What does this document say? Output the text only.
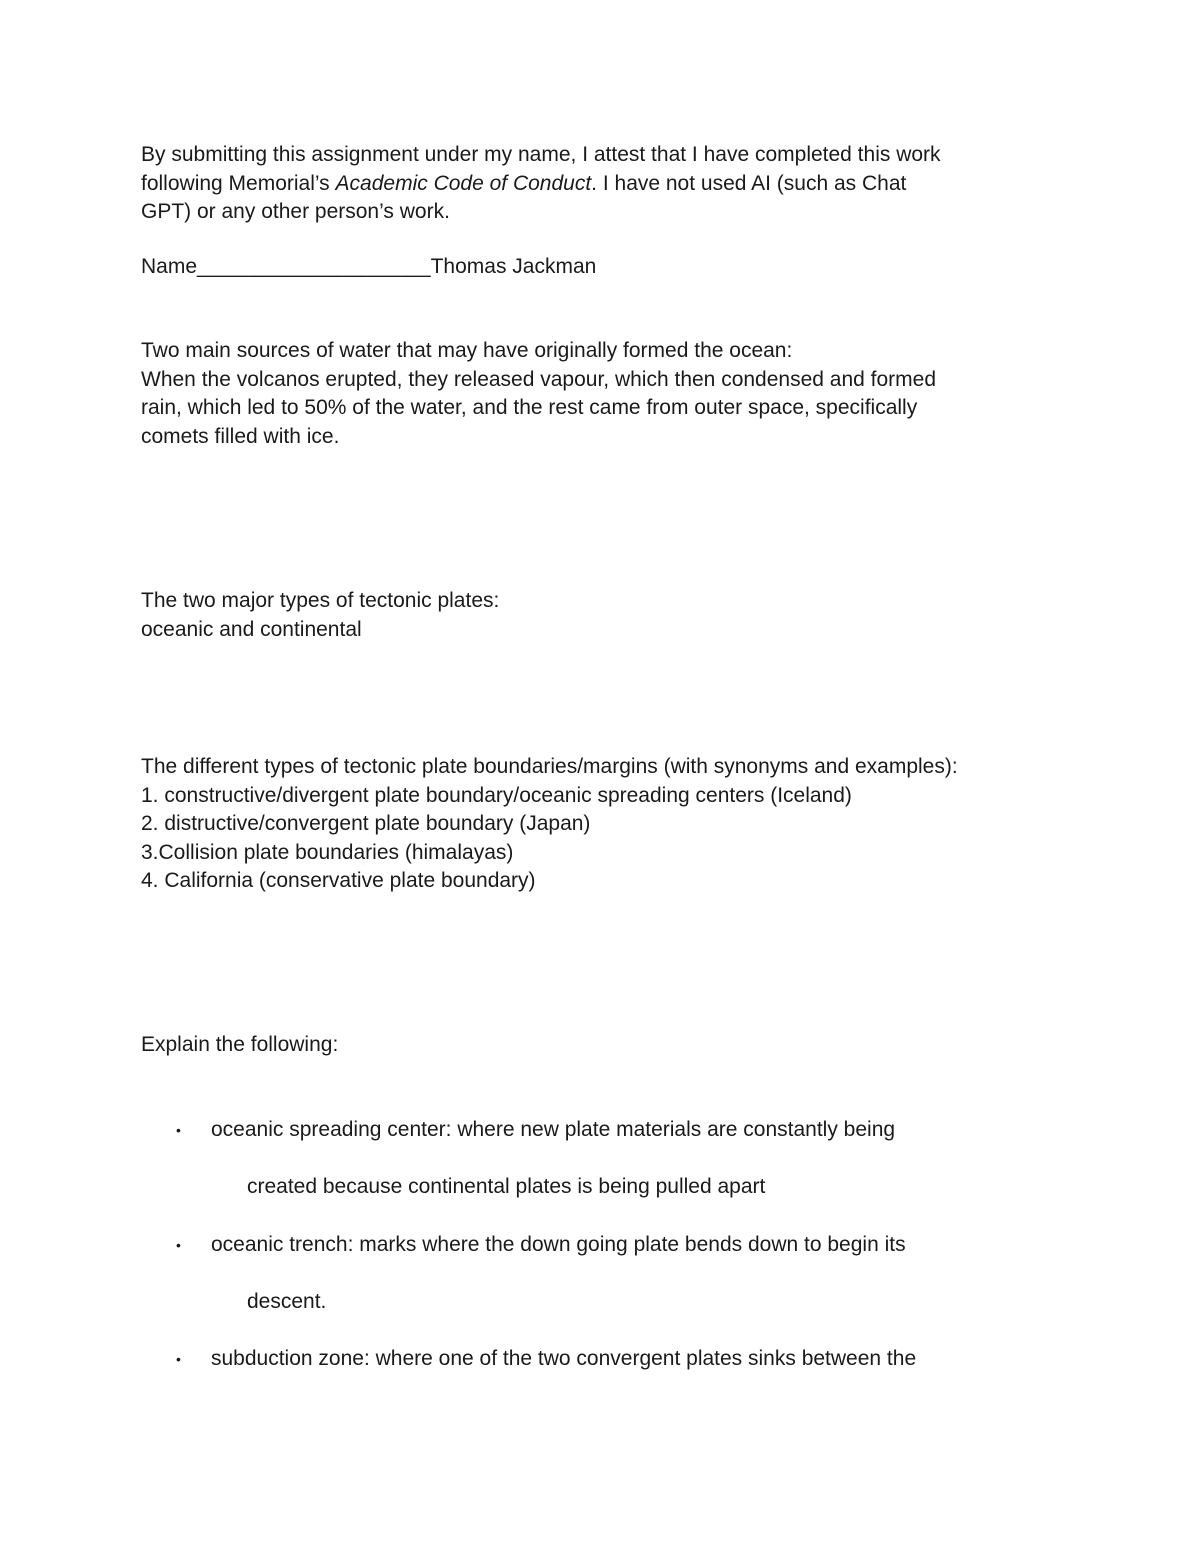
By submitting this assignment under my name, I attest that I have completed this work
following Memorial’s Academic Code of Conduct. I have not used AI (such as Chat
GPT) or any other person’s work.
Name____________________Thomas Jackman
Two main sources of water that may have originally formed the ocean:
When the volcanos erupted, they released vapour, which then condensed and formed
rain, which led to 50% of the water, and the rest came from outer space, specifically
comets filled with ice.
The two major types of tectonic plates:
oceanic and continental
The different types of tectonic plate boundaries/margins (with synonyms and examples):
1. constructive/divergent plate boundary/oceanic spreading centers (Iceland)
2. distructive/convergent plate boundary (Japan)
3.Collision plate boundaries (himalayas)
4. California (conservative plate boundary)
Explain the following:
•	oceanic spreading center: where new plate materials are constantly being
created because continental plates is being pulled apart
•	oceanic trench: marks where the down going plate bends down to begin its
descent.
•	subduction zone: where one of the two convergent plates sinks between the
